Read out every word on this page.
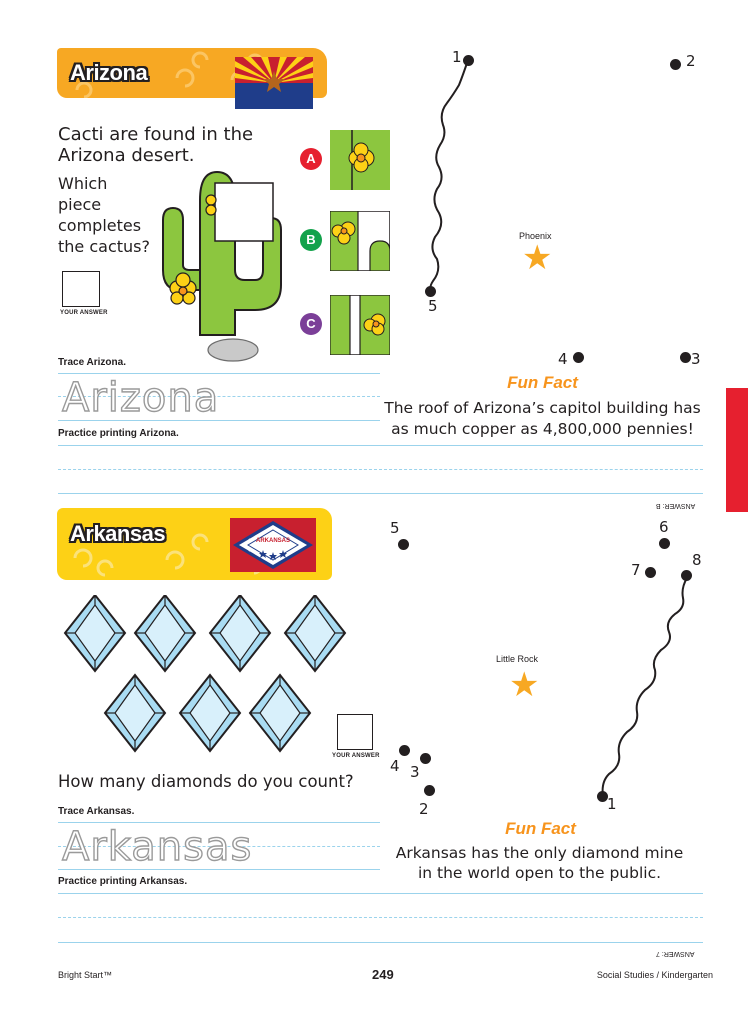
Arizona
Cacti are found in the
Arizona desert.
Which
piece
completes
the cactus?
YOUR ANSWER
A
B
C
Trace Arizona.
Arizona
Practice printing Arizona.
1	2
3
4
5
Phoenix
★
Fun Fact
The roof of Arizona’s capitol building has
as much copper as 4,800,000 pennies!
ANSWER: B
Arkansas	ARKANSAS
YOUR ANSWER
How many diamonds do you count?
Trace Arkansas.
Arkansas
Practice printing Arkansas.
1
2
3
4
5	6
7
8
Little Rock
★
Fun Fact
Arkansas has the only diamond mine
in the world open to the public.
ANSWER: 7
Bright Start™	249	Social Studies / Kindergarten
